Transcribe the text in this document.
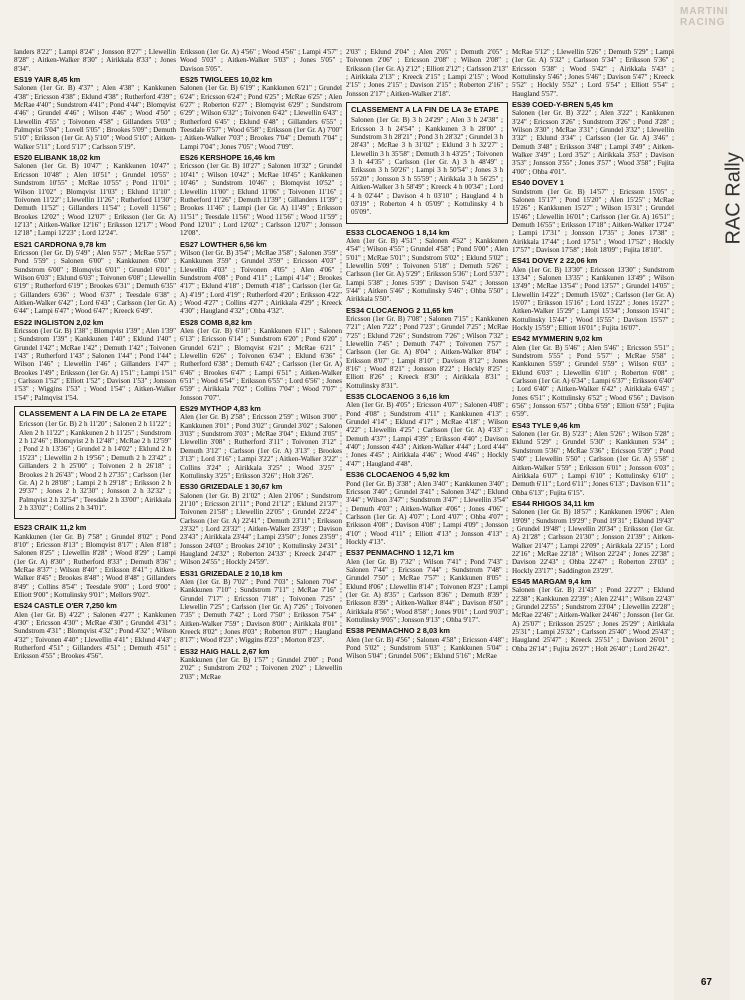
landers 8'22" ; Lampi 8'24" ; Jonsson 8'27" ; Llewellin 8'28" ; Aitken-Walker 8'30" ; Airikkala 8'33" ; Jones 8'34".

ES19 YAIR 8,45 km

Salonen (1er Gr. B) 4'37" ; Alen 4'38" ; Kankkunen 4'38" ; Ericsson 4'38" ; Eklund 4'38" ; Rutherford 4'39" ; McRae 4'40" ; Sundstrom 4'41" ; Pond 4'44" ; Blomqvist 4'46" ; Grundel 4'46" ; Wilson 4'46" ; Wood 4'50" ; Llewellin 4'55" ; Toivonen 4'58" ; Gillanders 5'03" ; Palmqvist 5'04" ; Lovell 5'05" ; Brookes 5'09" ; Demuth 5'10" ; Eriksson (1er Gr. A) 5'10" ; Wood 5'10" ; Aitken-Walker 5'11" ; Lord 5'17" ; Carlsson 5'19".

ES20 ELIBANK 18,02 km

Salonen (1er Gr. B) 10'47" ; Kankkunen 10'47" ; Ericsson 10'48" ; Alen 10'51" ; Grundel 10'55" ; Sundstrom 10'55" ; McRae 10'55" ; Pond 11'01" ; Wilson 11'02" ; Blomqvist 11'03" ; Eklund 11'10" ; Toivonen 11'22" ; Llewellin 11'26" ; Rutherford 11'30" ; Demuth 11'52" ; Gillanders 11'54" ; Lovell 11'56" ; Brookes 12'02" ; Wood 12'07" ; Eriksson (1er Gr. A) 12'13" ; Aitken-Walker 12'16" ; Eriksson 12'17" ; Wood 12'18" ; Lampi 12'23" ; Lord 12'24".

ES21 CARDRONA 9,78 km

Ericsson (1er Gr. D) 5'49" ; Alen 5'57" ; McRae 5'57" ; Pond 5'59" ; Salonen 6'00" ; Kankkunen 6'00" ; Sundstrom 6'00" ; Blomqvist 6'01" ; Grundel 6'01" ; Wilson 6'03" ; Eklund 6'03" ; Toivonen 6'08" ; Llewellin 6'19" ; Rutherford 6'19" ; Brookes 6'31" ; Demuth 6'35" ; Gillanders 6'36" ; Wood 6'37" ; Teesdale 6'38" ; Aitken-Walker 6'42" ; Lord 6'43" ; Carlsson (1er Gr. A) 6'44" ; Lampi 6'47" ; Wood 6'47" ; Kreeck 6'49".

ES22 INGLISTON 2,02 km

Ericsson (1er Gr. B) 1'38" ; Blomqvist 1'39" ; Alen 1'39" ; Sundstrom 1'39" ; Kankkunen 1'40" ; Eklund 1'40" ; Grundel 1'42" ; McRae 1'42" ; Demuth 1'42" ; Toivonen 1'43" ; Rutherford 1'43" ; Salonen 1'44" ; Pond 1'44" ; Wilson 1'46" ; Llewellin 1'46" ; Gillanders 1'47" ; Brookes 1'49" ; Eriksson (1er Gr. A) 1'51" ; Lampi 1'51" ; Carlsson 1'52" ; Elliott 1'52" ; Davison 1'53" ; Jonsson 1'53" ; Wiggins 1'53" ; Wood 1'54" ; Aitken-Walker 1'54" ; Palmqvist 1'54.

CLASSEMENT A LA FIN DE LA 2e ETAPE

Ericsson (1er Gr. B) 2 h 11'20" ; Salonen 2 h 11'22" ; Alen 2 h 11'22" ; Kankkunen 2 h 11'25" ; Sundstrom 2 h 12'46" ; Blomqvist 2 h 12'48" ; McRae 2 h 12'59" ; Pond 2 h 13'36" ; Grundel 2 h 14'02" ; Eklund 2 h 15'23" ; Llewellin 2 h 19'56" ; Demuth 2 h 23'42" ; Gillanders 2 h 25'00" ; Toivonen 2 h 26'18" ; Brookes 2 h 26'43" ; Wood 2 h 27'35" ; Carlsson (1er Gr. A) 2 h 28'08" ; Lampi 2 h 29'18" ; Eriksson 2 h 29'37" ; Jones 2 h 32'30" ; Jonsson 2 h 32'32" ; Palmqvist 2 h 32'54" ; Teesdale 2 h 33'00" ; Airikkala 2 h 33'02" ; Collins 2 h 34'01".

ES23 CRAIK 11,2 km

Kankkunen (1er Gr. B) 7'58" ; Grundel 8'02" ; Pond 8'10" ; Ericsson 8'13" ; Blomqvist 8'17" ; Alen 8'18" ; Salonen 8'25" ; Llewellin 8'28" ; Wood 8'29" ; Lampi (1er Gr. A) 8'30" ; Rutherford 8'33" ; Demuth 8'36" ; McRae 8'37" ; Wilson 8'40" ; Eriksson 8'41" ; Aitken-Walker 8'45" ; Brookes 8'48" ; Wood 8'48" ; Gillanders 8'49" ; Collins 8'54" ; Teesdale 9'00" ; Lord 9'00" ; Elliott 9'00" ; Kottulinsky 9'01" ; Mellors 9'02".

ES24 CASTLE O'ER 7,250 km

Alen (1er Gr. B) 4'22" ; Salonen 4'27" ; Kankkunen 4'30" ; Ericsson 4'30" ; McRae 4'30" ; Grundel 4'31" ; Sundstrom 4'31" ; Blomqvist 4'32" ; Pond 4'32" ; Wilson 4'32" ; Toivonen 4'40" ; Llewellin 4'41" ; Eklund 4'43" ; Rutherford 4'51" ; Gillanders 4'51" ; Demuth 4'51" ; Eriksson 4'55" ; Brookes 4'56".

Eriksson (1er Gr. A) 4'56" ; Wood 4'56" ; Lampi 4'57" ; Wood 5'03" ; Aitken-Walker 5'03" ; Jones 5'05" ; Davison 5'05".

ES25 TWIGLEES 10,02 km

Salonen (1er Gr. B) 6'19" ; Kankkunen 6'21" ; Grundel 6'24" ; Ericsson 6'24" ; Pond 6'25" ; McRae 6'25" ; Alen 6'27" ; Roberton 6'27" ; Blomqvist 6'29" ; Sundstrom 6'29" ; Wilson 6'32" ; Toivonen 6'42" ; Llewellin 6'43" ; Rutherford 6'45" ; Eklund 6'48" ; Gillanders 6'55" ; Teesdale 6'57" ; Wood 6'58" ; Eriksson (1er Gr. A) 7'00" ; Aitken-Walker 7'03" ; Brookes 7'04" ; Demuth 7'04" ; Lampi 7'04" ; Jones 7'05" ; Wood 7'09".

ES26 KERSHOPE 16,46 km

Ericsson (1er Gr. B) 10'27" ; Salonen 10'32" ; Grundel 10'41" ; Wilson 10'42" ; McRae 10'45" ; Kankkunen 10'46" ; Sundstrom 10'46" ; Blomqvist 10'52" ; Llewellin 11'00" ; Eklund 11'06" ; Toivonen 11'16" ; Rutherford 11'26" ; Demuth 11'39" ; Gillanders 11'39" ; Brookes 11'46" ; Lampi (1er Gr. A) 11'49" ; Eriksson 11'51" ; Teesdale 11'56" ; Wood 11'56" ; Wood 11'59" ; Pond 12'01" ; Lord 12'02" ; Carlsson 12'07" ; Jonsson 12'08".

ES27 LOWTHER 6,56 km

Wilson (1er Gr. B) 3'54" ; McRae 3'58" ; Salonen 3'59" ; Kankkunen 3'59" ; Grundel 3'59" ; Ericsson 4'03" ; Llewellin 4'03" ; Toivonen 4'05" ; Alen 4'06" ; Sundstrom 4'08" ; Pond 4'11" ; Lampi 4'14" ; Brookes 4'17" ; Eklund 4'18" ; Demuth 4'18" ; Carlsson (1er Gr. A) 4'19" ; Lord 4'19" ; Rutherford 4'20" ; Eriksson 4'22" ; Wood 4'27" ; Collins 4'27" ; Airikkala 4'29" ; Kreeck 4'30" ; Haugland 4'32" ; Ohba 4'32".

ES28 COMB 8,82 km

Alen (1er Gr. B) 6'10" ; Kankkunen 6'11" ; Salonen 6'13" ; Ericsson 6'14" ; Sundstrom 6'20" ; Pond 6'20" ; Grundel 6'21" ; Blomqvist 6'21" ; McRae 6'21" ; Llewellin 6'26" ; Toivonen 6'34" ; Eklund 6'36" ; Rutherford 6'38" ; Demuth 6'42" ; Carlsson (1er Gr. A) 6'46" ; Brookes 6'47" ; Lampi 6'51" ; Aitken-Walker 6'51" ; Wood 6'54" ; Eriksson 6'55" ; Lord 6'56" ; Jones 6'59" ; Airikkala 7'02" ; Collins 7'04" ; Wood 7'07" ; Jonsson 7'07".

ES29 MYTHOP 4,83 km

Alen (1er Gr. B) 2'58" ; Ericsson 2'59" ; Wilson 3'00" ; Kankkunen 3'01" ; Pond 3'02" ; Grundel 3'02" ; Salonen 3'03" ; Sundstrom 3'03" ; McRae 3'04" ; Eklund 3'05" ; Llewellin 3'08" ; Rutherford 3'11" ; Toivonen 3'12" ; Demuth 3'12" ; Carlsson (1er Gr. A) 3'13" ; Brookes 3'13" ; Lord 3'16" ; Lampi 3'22" ; Aitken-Walker 3'22" ; Collins 3'24" ; Airikkala 3'25" ; Wood 3'25" ; Kottulinsky 3'25" ; Eriksson 3'26" ; Holt 3'26".

ES30 GRIZEDALE 1 30,67 km

Salonen (1er Gr. B) 21'02" ; Alen 21'06" ; Sundstrom 21'10" ; Ericsson 21'11" ; Pond 21'12" ; Eklund 21'37" ; Toivonen 21'58" ; Llewellin 22'05" ; Grundel 22'24" ; Carlsson (1er Gr. A) 22'41" ; Demuth 23'11" ; Eriksson 23'32" ; Lord 23'32" ; Aitken-Walker 23'39" ; Davison 23'43" ; Airikkala 23'44" ; Lampi 23'50" ; Jones 23'59" ; Jonsson 24'03" ; Brookes 24'10" ; Kottulinsky 24'31" ; Haugland 24'32" ; Roberton 24'33" ; Kreeck 24'47" ; Wilson 24'55" ; Hockly 24'59".

ES31 GRIZEDALE 2 10,18 km

Alen (1er Gr. B) 7'02" ; Pond 7'03" ; Salonen 7'04" ; Kankkunen 7'10" ; Sundstrom 7'11" ; McRae 7'16" ; Grundel 7'17" ; Ericsson 7'18" ; Toivonen 7'25" ; Llewellin 7'25" ; Carlsson (1er Gr. A) 7'26" ; Toivonen 7'35" ; Demuth 7'42" ; Lord 7'50" ; Eriksson 7'54" ; Aitken-Walker 7'59" ; Davison 8'00" ; Airikkala 8'01" ; Kreeck 8'02" ; Jones 8'03" ; Roberton 8'07" ; Haugland 8'17" ; Wood 8'23" ; Wiggins 8'23" ; Morton 8'23".

ES32 HAIG HALL 2,67 km

Kankkunen (1er Gr. B) 1'57" ; Grundel 2'00" ; Pond 2'02" ; Sundstrom 2'02" ; Toivonen 2'02" ; Llewellin 2'03" ; McRae

2'03" ; Eklund 2'04" ; Alen 2'05" ; Demuth 2'05" ; Toivonen 2'06" ; Ericsson 2'08" ; Wilson 2'08" ; Eriksson (1er Gr. A) 2'12" ; Elliott 2'12" ; Carlsson 2'13" ; Airikkala 2'13" ; Kreeck 2'15" ; Lampi 2'15" ; Wood 2'15" ; Jones 2'15" ; Davison 2'15" ; Roberton 2'16" ; Jonsson 2'17" ; Aitken-Walker 2'18".

CLASSEMENT A LA FIN DE LA 3e ETAPE

Salonen (1er Gr. B) 3 h 24'29" ; Alen 3 h 24'38" ; Ericsson 3 h 24'54" ; Kankkunen 3 h 28'00" ; Sundstrom 3 h 28'21" ; Pond 3 h 28'32" ; Grundel 3 h 28'43" ; McRae 3 h 31'02" ; Eklund 3 h 32'27" ; Llewellin 3 h 35'58" ; Demuth 3 h 43'25" ; Toivonen 3 h 44'35" ; Carlsson (1er Gr. A) 3 h 48'49" ; Eriksson 3 h 50'26" ; Lampi 3 h 50'54" ; Jones 3 h 55'20" ; Jonsson 3 h 55'59" ; Airikkala 3 h 56'25" ; Aitken-Walker 3 h 58'49" ; Kreeck 4 h 00'34" ; Lord 4 h 02'44" ; Davison 4 h 03'10" ; Haugland 4 h 03'19" ; Roberton 4 h 05'09" ; Kottulinsky 4 h 05'09".

ES33 CLOCAENOG 1 8,14 km

Alen (1er Gr. B) 4'51" ; Salonen 4'52" ; Kankkunen 4'54" ; Wilson 4'55" ; Grundel 4'58" ; Pond 5'00" ; Alen 5'01" ; McRae 5'01" ; Sundstrom 5'02" ; Eklund 5'02" ; Llewellin 5'09" ; Toivonen 5'18" ; Demuth 5'26" ; Carlsson (1er Gr. A) 5'29" ; Eriksson 5'36" ; Lord 5'37" ; Lampi 5'38" ; Jones 5'39" ; Davison 5'42" ; Jonsson 5'44" ; Aitken 5'46" ; Kottulinsky 5'46" ; Ohba 5'50" ; Airikkala 5'50".

ES34 CLOCAENOG 2 11,65 km

Ericsson (1er Gr. B) 7'08" ; Salonen 7'15" ; Kankkunen 7'21" ; Alen 7'22" ; Pond 7'23" ; Grundel 7'25" ; McRae 7'25" ; Eklund 7'26" ; Sundstrom 7'26" ; Wilson 7'32" ; Llewellin 7'45" ; Demuth 7'47" ; Toivonen 7'57" ; Carlsson (1er Gr. A) 8'04" ; Aitken-Walker 8'04" ; Eriksson 8'07" ; Lampi 8'10" ; Davison 8'12" ; Jones 8'16" ; Wood 8'21" ; Jonsson 8'22" ; Hockly 8'25" ; Elliott 8'26" ; Kreeck 8'30" ; Airikkala 8'31" ; Kottulinsky 8'31".

ES35 CLOCAENOG 3 6,16 km

Alen (1er Gr. B) 4'05" ; Ericsson 4'07" ; Salonen 4'08" ; Pond 4'08" ; Sundstrom 4'11" ; Kankkunen 4'13" ; Grundel 4'14" ; Eklund 4'17" ; McRae 4'18" ; Wilson 4'22" ; Llewellin 4'25" ; Carlsson (1er Gr. A) 4'33" ; Demuth 4'37" ; Lampi 4'39" ; Eriksson 4'40" ; Davison 4'40" ; Jonsson 4'43" ; Aitken-Walker 4'44" ; Lord 4'44" ; Jones 4'45" ; Airikkala 4'46" ; Wood 4'46" ; Hockly 4'47" ; Haugland 4'48".

ES36 CLOCAENOG 4 5,92 km

Pond (1er Gr. B) 3'38" ; Alen 3'40" ; Kankkunen 3'40" ; Ericsson 3'40" ; Grundel 3'41" ; Salonen 3'42" ; Eklund 3'44" ; Wilson 3'47" ; Sundstrom 3'47" ; Llewellin 3'54" ; Demuth 4'03" ; Aitken-Walker 4'06" ; Jones 4'06" ; Carlsson (1er Gr. A) 4'07" ; Lord 4'07" ; Ohba 4'07" ; Eriksson 4'08" ; Davison 4'08" ; Lampi 4'09" ; Jonsson 4'10" ; Wood 4'11" ; Elliott 4'13" ; Jonsson 4'13" ; Hockly 4'13".

ES37 PENMACHNO 1 12,71 km

Alen (1er Gr. B) 7'32" ; Wilson 7'41" ; Pond 7'43" ; Salonen 7'44" ; Ericsson 7'44" ; Sundstrom 7'48" ; Grundel 7'50" ; McRae 7'57" ; Kankkunen 8'05" ; Eklund 8'06" ; Llewellin 8'14" ; Toivonen 8'23" ; Lampi (1er Gr. A) 8'35" ; Carlsson 8'36" ; Demuth 8'39" ; Eriksson 8'39" ; Aitken-Walker 8'44" ; Davison 8'50" ; Airikkala 8'56" ; Wood 8'58" ; Jones 9'01" ; Lord 9'03" ; Kottulinsky 9'05" ; Jonsson 9'13" ; Ohba 9'17".

ES38 PENMACHNO 2 8,03 km

Alen (1er Gr. B) 4'56" ; Salonen 4'58" ; Ericsson 4'48" ; Pond 5'02" ; Sundstrom 5'03" ; Kankkunen 5'04" ; Wilson 5'04" ; Grundel 5'06" ; Eklund 5'16" ; McRae

McRae 5'12" ; Llewellin 5'26" ; Demuth 5'29" ; Lampi (1er Gr. A) 5'32" ; Carlsson 5'34" ; Eriksson 5'36" ; Ericsson 5'38" ; Wood 5'42" ; Airikkala 5'43" ; Kottulinsky 5'46" ; Jones 5'46" ; Davison 5'47" ; Kreeck 5'52" ; Hockly 5'52" ; Lord 5'54" ; Elliott 5'54" ; Haugland 5'57".

ES39 COED-Y-BREN 5,45 km

Salonen (1er Gr. B) 3'22" ; Alen 3'22" ; Kankkunen 3'24" ; Ericsson 3'26" ; Sundstrom 3'26" ; Pond 3'28" ; Wilson 3'30" ; McRae 3'31" ; Grundel 3'32" ; Llewellin 3'32" ; Eklund 3'34" ; Carlsson (1er Gr. A) 3'46" ; Demuth 3'48" ; Eriksson 3'48" ; Lampi 3'49" ; Aitken-Walker 3'49" ; Lord 3'52" ; Airikkala 3'53" ; Davison 3'53" ; Jonsson 3'55" ; Jones 3'57" ; Wood 3'58" ; Fujita 4'00" ; Ohba 4'01".

ES40 DOVEY 1

Sundstrom (1er Gr. B) 14'57" ; Ericsson 15'05" ; Salonen 15'17" ; Pond 15'20" ; Alen 15'25" ; McRae 15'26" ; Kankkunen 15'27" ; Wilson 15'31" ; Grundel 15'46" ; Llewellin 16'01" ; Carlsson (1er Gr. A) 16'51" ; Demuth 16'55" ; Eriksson 17'18" ; Aitken-Walker 17'24" ; Lampi 17'31" ; Jonsson 17'35" ; Jones 17'38" ; Airikkala 17'44" ; Lord 17'51" ; Wood 17'52" ; Hockly 17'57" ; Davison 17'58" ; Holt 18'09" ; Fujita 18'10".

ES41 DOVEY 2 22,06 km

Alen (1er Gr. B) 13'30" ; Ericsson 13'30" ; Sundstrom 13'34" ; Salonen 13'35" ; Kankkunen 13'49" ; Wilson 13'49" ; McRae 13'54" ; Pond 13'57" ; Grundel 14'05" ; Llewellin 14'22" ; Demuth 15'02" ; Carlsson (1er Gr. A) 15'07" ; Eriksson 15'16" ; Lord 15'22" ; Jones 15'27" ; Aitken-Walker 15'29" ; Lampi 15'34" ; Jonsson 15'41" ; Kottulinsky 15'44" ; Wood 15'55" ; Davison 15'57" ; Hockly 15'59" ; Elliott 16'01" ; Fujita 16'07".

ES42 MYMMERIN 9,02 km

Alen (1er Gr. B) 5'46" ; Alen 5'46" ; Ericsson 5'51" ; Sundstrom 5'55" ; Pond 5'57" ; McRae 5'58" ; Kankkunen 5'59" ; Grundel 5'59" ; Wilson 6'03" ; Eklund 6'03" ; Llewellin 6'10" ; Roberton 6'08" ; Carlsson (1er Gr. A) 6'34" ; Lampi 6'37" ; Eriksson 6'40" ; Lord 6'40" ; Aitken-Walker 6'42" ; Airikkala 6'45" ; Jones 6'51" ; Kottulinsky 6'52" ; Wood 6'56" ; Davison 6'56" ; Jonsson 6'57" ; Ohba 6'59" ; Elliott 6'59" ; Fujita 6'59".

ES43 TYLE 9,46 km

Salonen (1er Gr. B) 5'23" ; Alen 5'26" ; Wilson 5'28" ; Eklund 5'29" ; Grundel 5'30" ; Kankkunen 5'34" ; Sundstrom 5'36" ; McRae 5'36" ; Ericsson 5'39" ; Pond 5'40" ; Llewellin 5'50" ; Carlsson (1er Gr. A) 5'58" ; Aitken-Walker 5'59" ; Eriksson 6'01" ; Jonsson 6'03" ; Airikkala 6'07" ; Lampi 6'10" ; Kottulinsky 6'10" ; Demuth 6'11" ; Lord 6'11" ; Jones 6'13" ; Davison 6'11" ; Ohba 6'13" ; Fujita 6'15".

ES44 RHIGOS 34,11 km

Salonen (1er Gr. B) 18'57" ; Kankkunen 19'06" ; Alen 19'09" ; Sundstrom 19'29" ; Pond 19'31" ; Eklund 19'43" ; Grundel 19'48" ; Llewellin 20'34" ; Eriksson (1er Gr. A) 21'28" ; Carlsson 21'30" ; Jonsson 21'39" ; Aitken-Walker 21'47" ; Lampi 22'09" ; Airikkala 22'15" ; Lord 22'16" ; McRae 22'18" ; Wilson 22'24" ; Jones 22'38" ; Davison 22'43" ; Ohba 22'47" ; Roberton 23'03" ; Hockly 23'17" ; Saddington 23'29".

ES45 MARGAM 9,4 km

Salonen (1er Gr. B) 21'43" ; Pond 22'27" ; Eklund 22'38" ; Kankkunen 22'39" ; Alen 22'41" ; Wilson 22'43" ; Grundel 22'55" ; Sundstrom 23'04" ; Llewellin 22'28" ; McRae 22'46" ; Aitken-Walker 24'46" ; Jonsson (1er Gr. A) 25'07" ; Eriksson 25'25" ; Jones 25'29" ; Airikkala 25'31" ; Lampi 25'32" ; Carlsson 25'40" ; Wood 25'43" ; Haugland 25'47" ; Kreeck 25'51" ; Davison 26'01" ; Ohba 26'14" ; Fujita 26'27" ; Holt 26'40" ; Lord 26'42".

MARTINI RACING
RAC Rally
67
